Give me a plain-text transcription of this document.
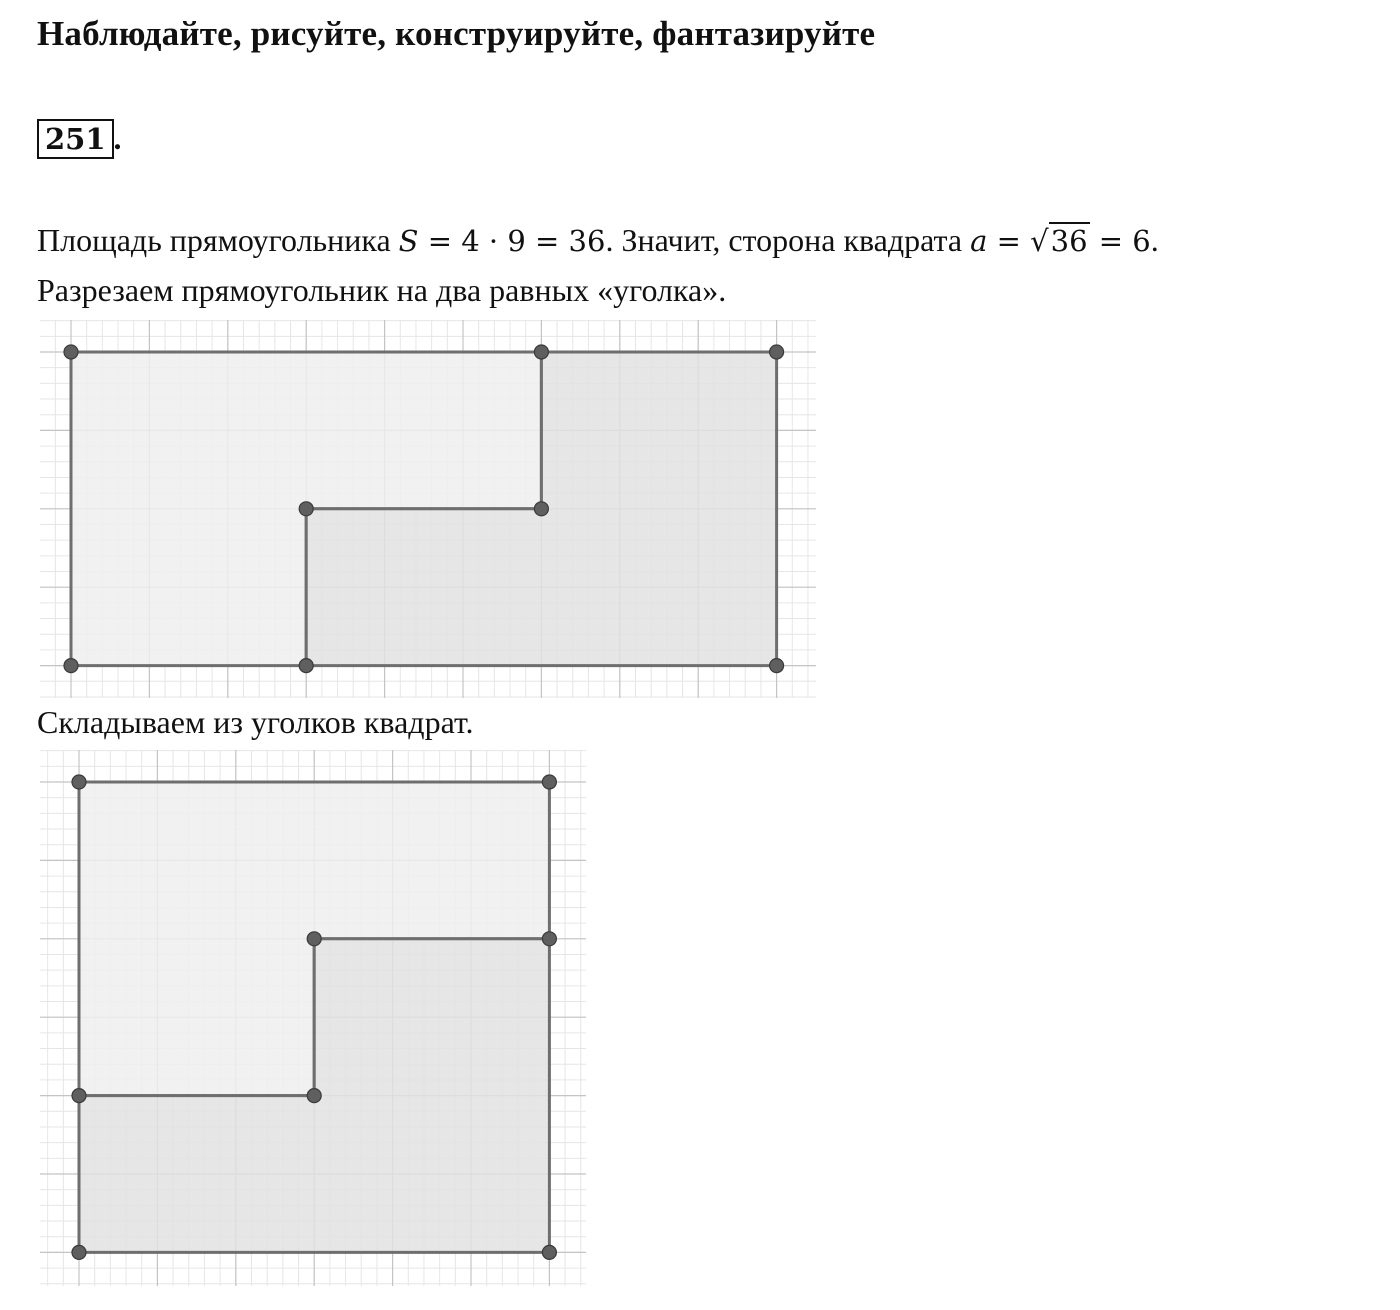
Наблюдайте, рисуйте, конструируйте, фантазируйте
251 .
Площадь прямоугольника S = 4 · 9 = 36. Значит, сторона квадрата a = √36 = 6.
Разрезаем прямоугольник на два равных «уголка».
Складываем из уголков квадрат.
